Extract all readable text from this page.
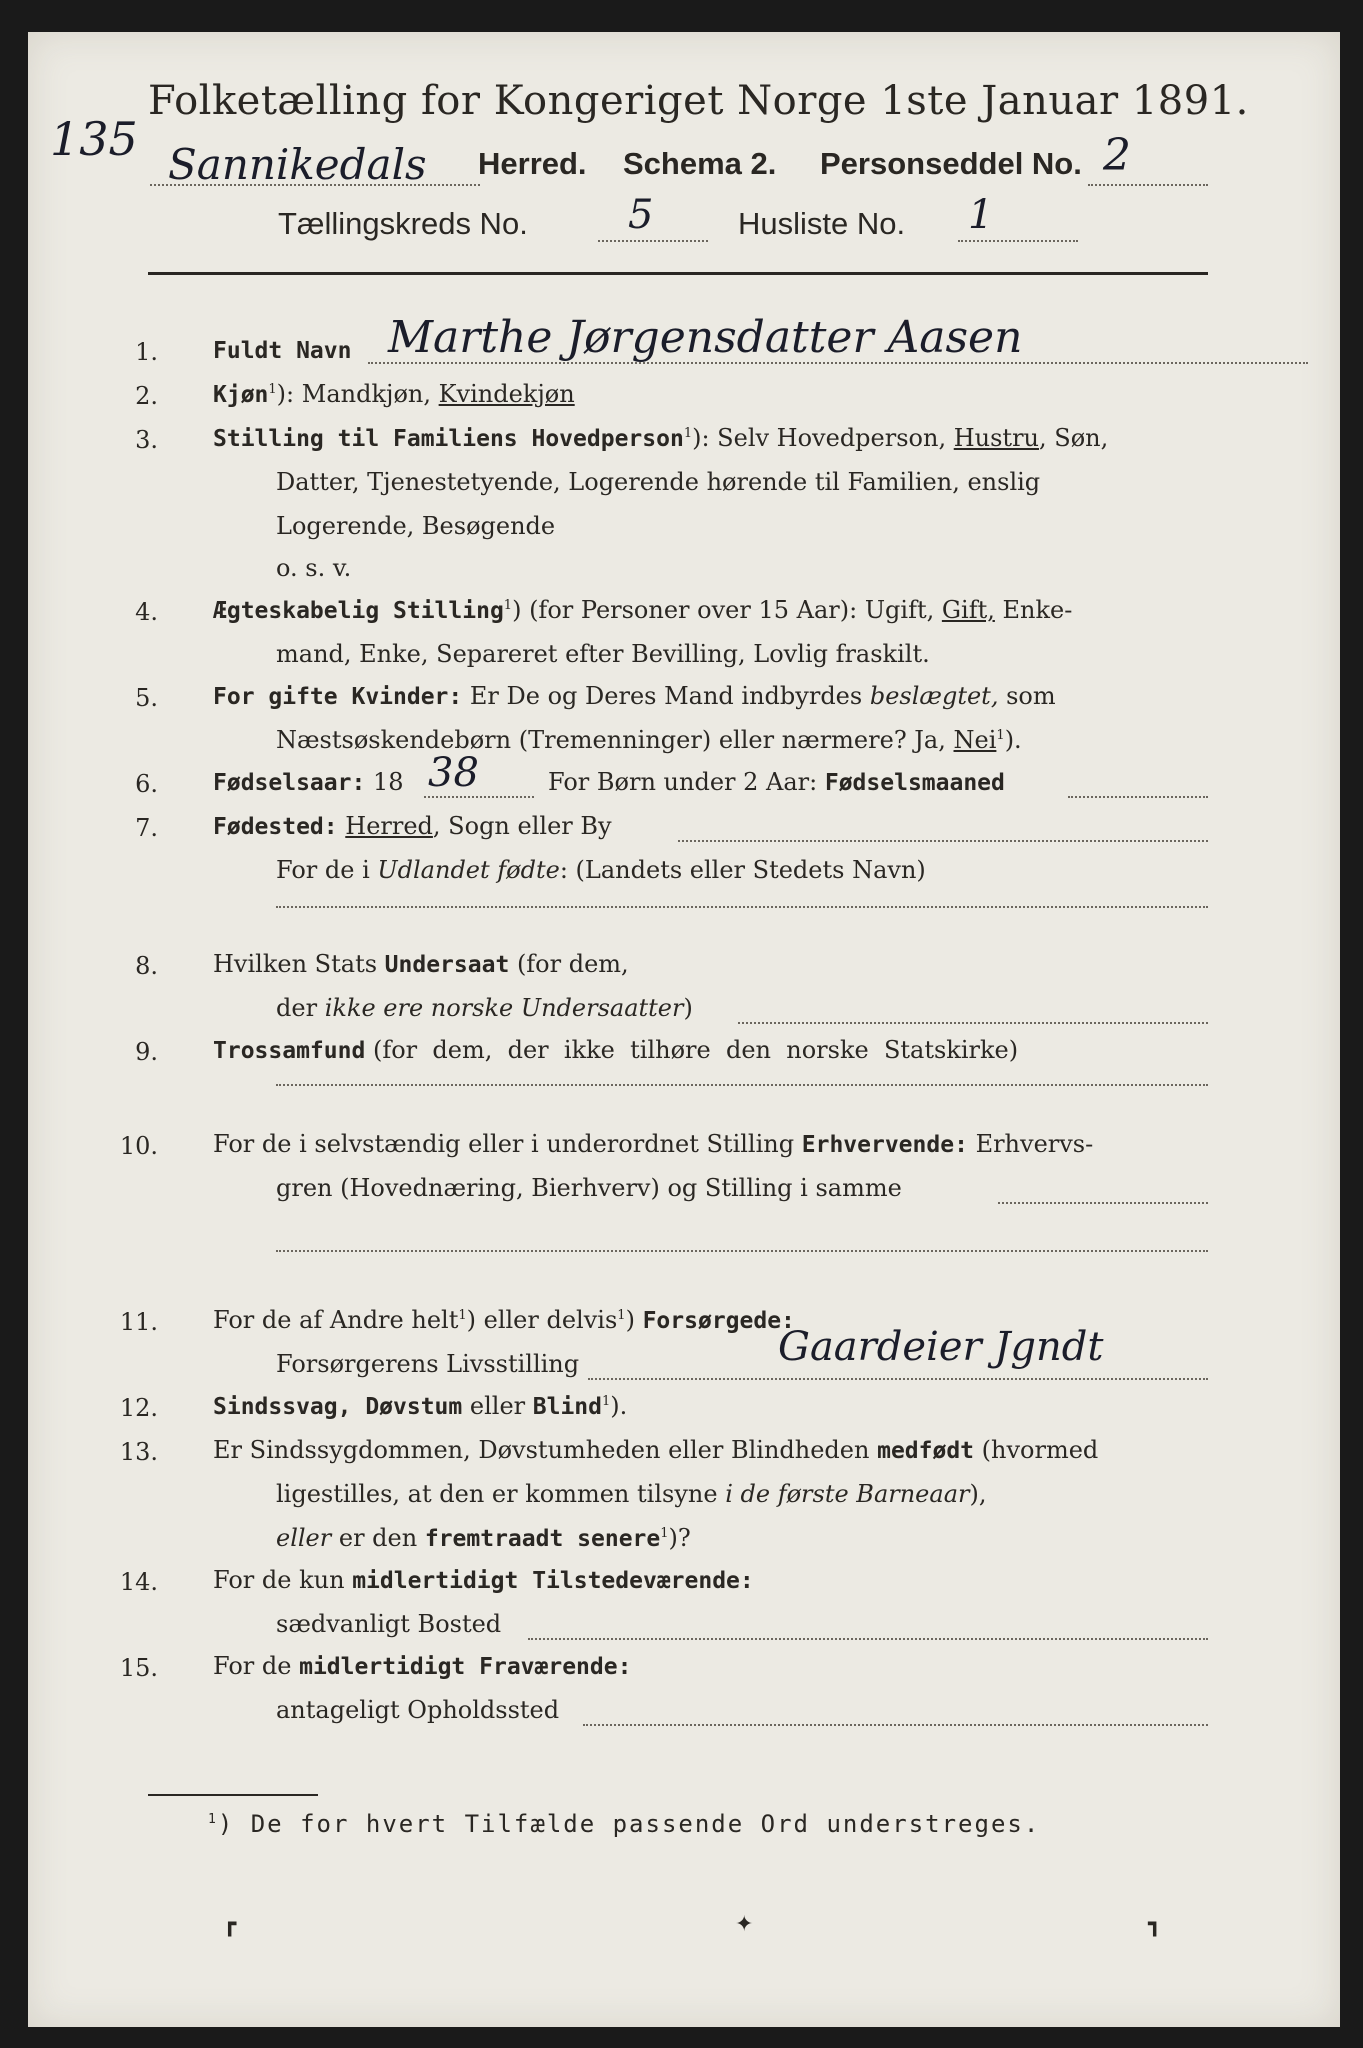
135
Folketælling for Kongeriget Norge 1ste Januar 1891.
Sannikedals Herred. Schema 2. Personseddel No. 2
Tællingskreds No.	5	Husliste No. 1
1. Fuldt Navn Marthe Jørgensdatter Aasen
2. Kjøn$^1$): Mandkjøn, Kvindekjøn
3. Stilling til Familiens Hovedperson$^1$): Selv Hovedperson, Hustru, Søn,
Datter, Tjenestetyende, Logerende hørende til Familien, enslig
Logerende, Besøgende
o. s. v.
4. Ægteskabelig Stilling$^1$) (for Personer over 15 Aar): Ugift, Gift, Enke-
mand, Enke, Separeret efter Bevilling, Lovlig fraskilt.
5. For gifte Kvinder: Er De og Deres Mand indbyrdes beslægtet, som
Næstsøskendebørn (Tremenninger) eller nærmere? Ja, Nei$^1$).
6. Fødselsaar: 18 38	For Børn under 2 Aar: Fødselsmaaned
7. Fødested: Herred, Sogn eller By
For de i Udlandet fødte: (Landets eller Stedets Navn)
8. Hvilken Stats Undersaat (for dem,
der ikke ere norske Undersaatter)
9. Trossamfund (for  dem,  der  ikke  tilhøre  den  norske  Statskirke)
10. For de i selvstændig eller i underordnet Stilling Erhvervende: Erhvervs-
gren (Hovednæring, Bierhverv) og Stilling i samme
11. For de af Andre helt$^1$) eller delvis$^1$) Forsørgede:
Forsørgerens Livsstilling	Gaardeier Jgndt
12. Sindssvag, Døvstum eller Blind$^1$).
13. Er Sindssygdommen, Døvstumheden eller Blindheden medfødt (hvormed
ligestilles, at den er kommen tilsyne i de første Barneaar),
eller er den fremtraadt senere$^1$)?
14. For de kun midlertidigt Tilstedeværende:
sædvanligt Bosted
15. For de midlertidigt Fraværende:
antageligt Opholdssted
$^1$) De for hvert Tilfælde passende Ord understreges.
┏	✦	┓
